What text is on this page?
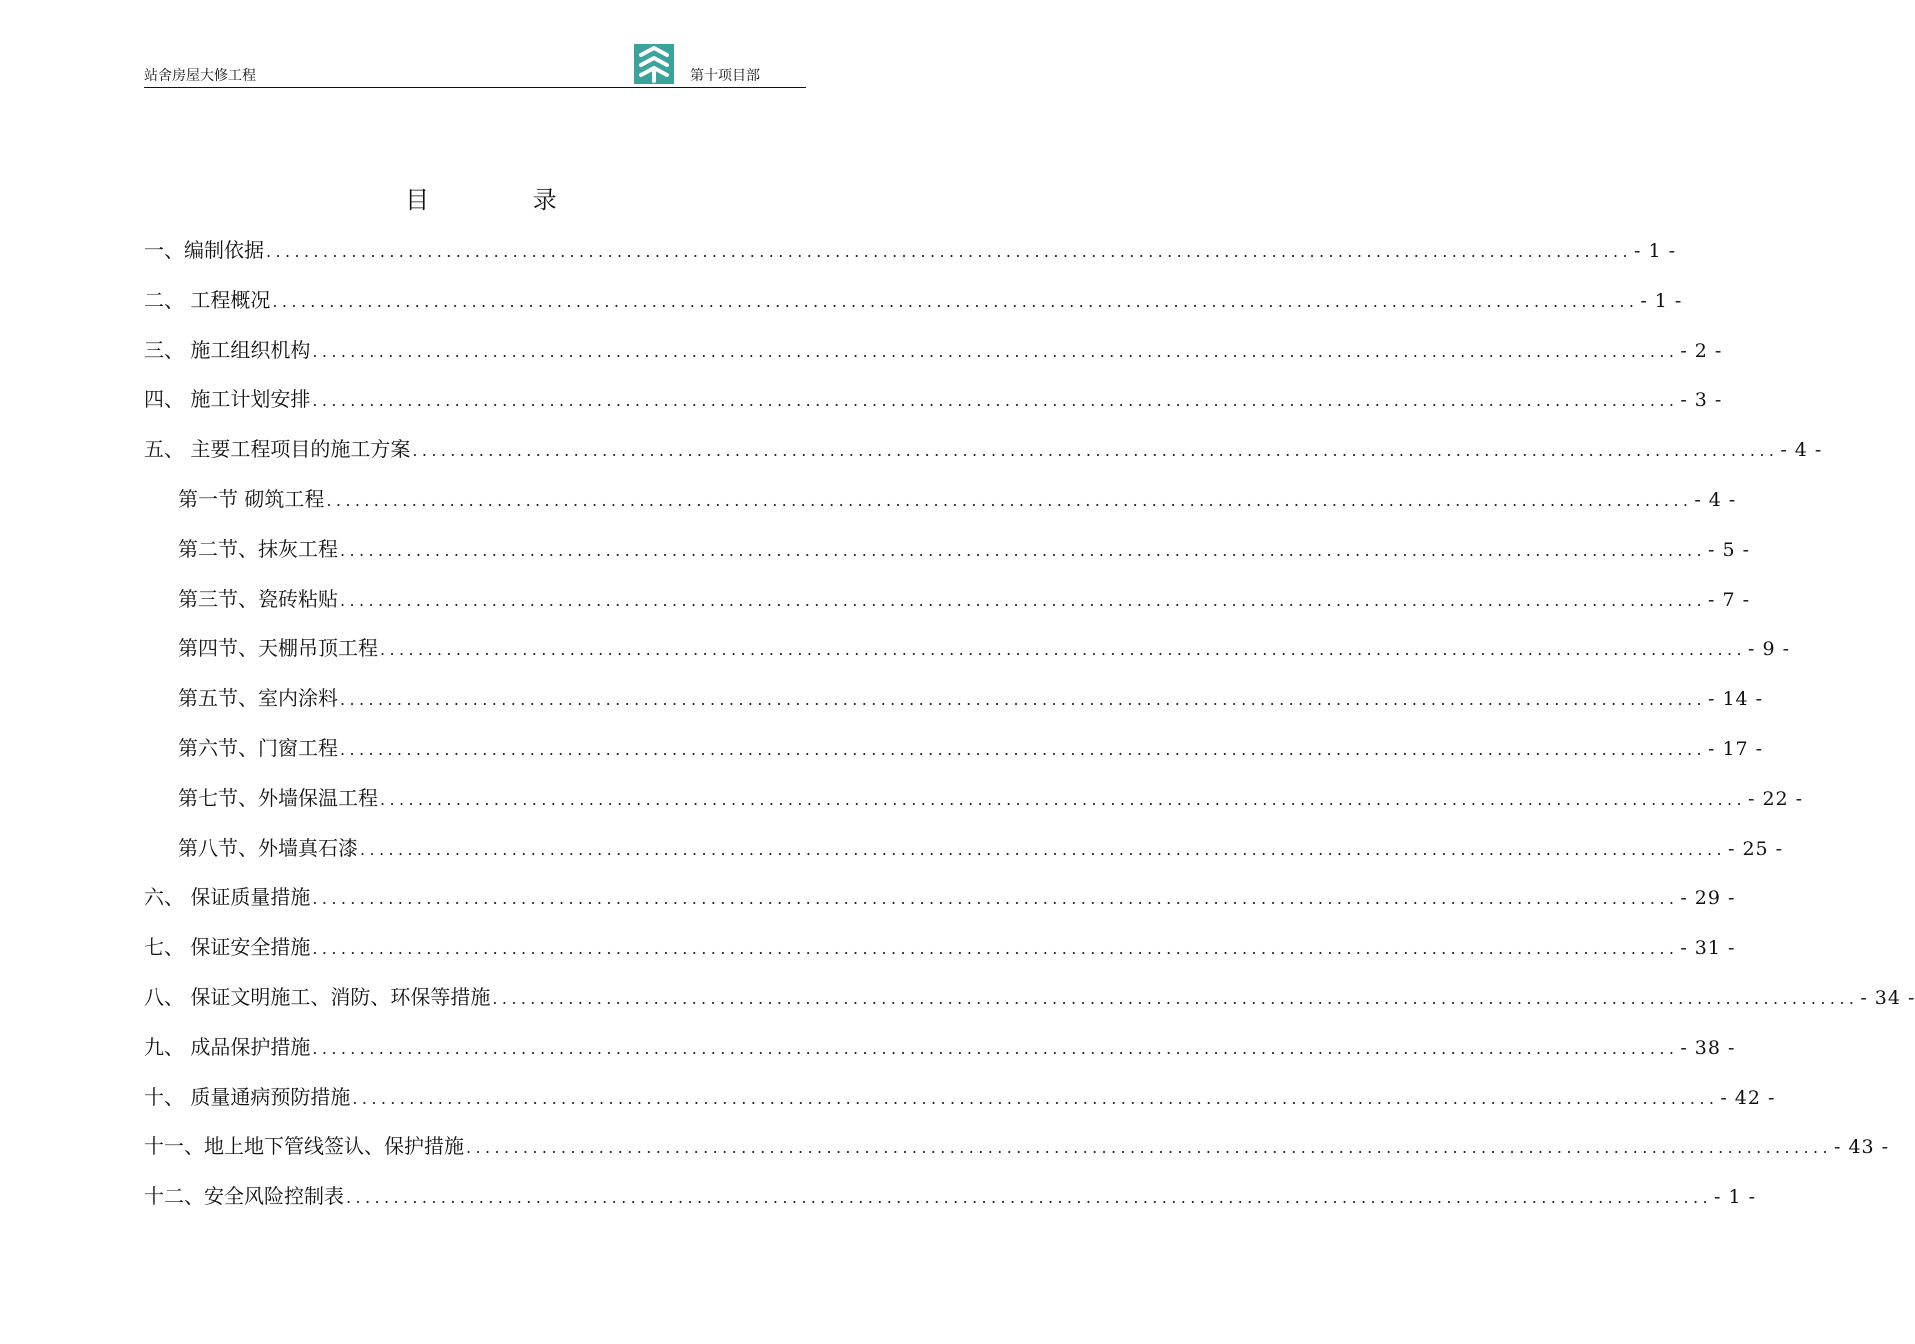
站舍房屋大修工程	第十项目部
目 录
一、编制依据 ................................................................................................................................................ - 1 -
二、 工程概况 ................................................................................................................................................ - 1 -
三、 施工组织机构 ................................................................................................................................................ - 2 -
四、 施工计划安排 ................................................................................................................................................ - 3 -
五、 主要工程项目的施工方案 ................................................................................................................................................ - 4 -
第一节 砌筑工程 ................................................................................................................................................ - 4 -
第二节、抹灰工程 ................................................................................................................................................ - 5 -
第三节、瓷砖粘贴 ................................................................................................................................................ - 7 -
第四节、天棚吊顶工程 ................................................................................................................................................ - 9 -
第五节、室内涂料 ................................................................................................................................................ - 14 -
第六节、门窗工程 ................................................................................................................................................ - 17 -
第七节、外墙保温工程 ................................................................................................................................................ - 22 -
第八节、外墙真石漆 ................................................................................................................................................ - 25 -
六、 保证质量措施 ................................................................................................................................................ - 29 -
七、 保证安全措施 ................................................................................................................................................ - 31 -
八、 保证文明施工、消防、环保等措施 ................................................................................................................................................ - 34 -
九、 成品保护措施 ................................................................................................................................................ - 38 -
十、 质量通病预防措施 ................................................................................................................................................ - 42 -
十一、地上地下管线签认、保护措施 ................................................................................................................................................ - 43 -
十二、安全风险控制表 ................................................................................................................................................ - 1 -
